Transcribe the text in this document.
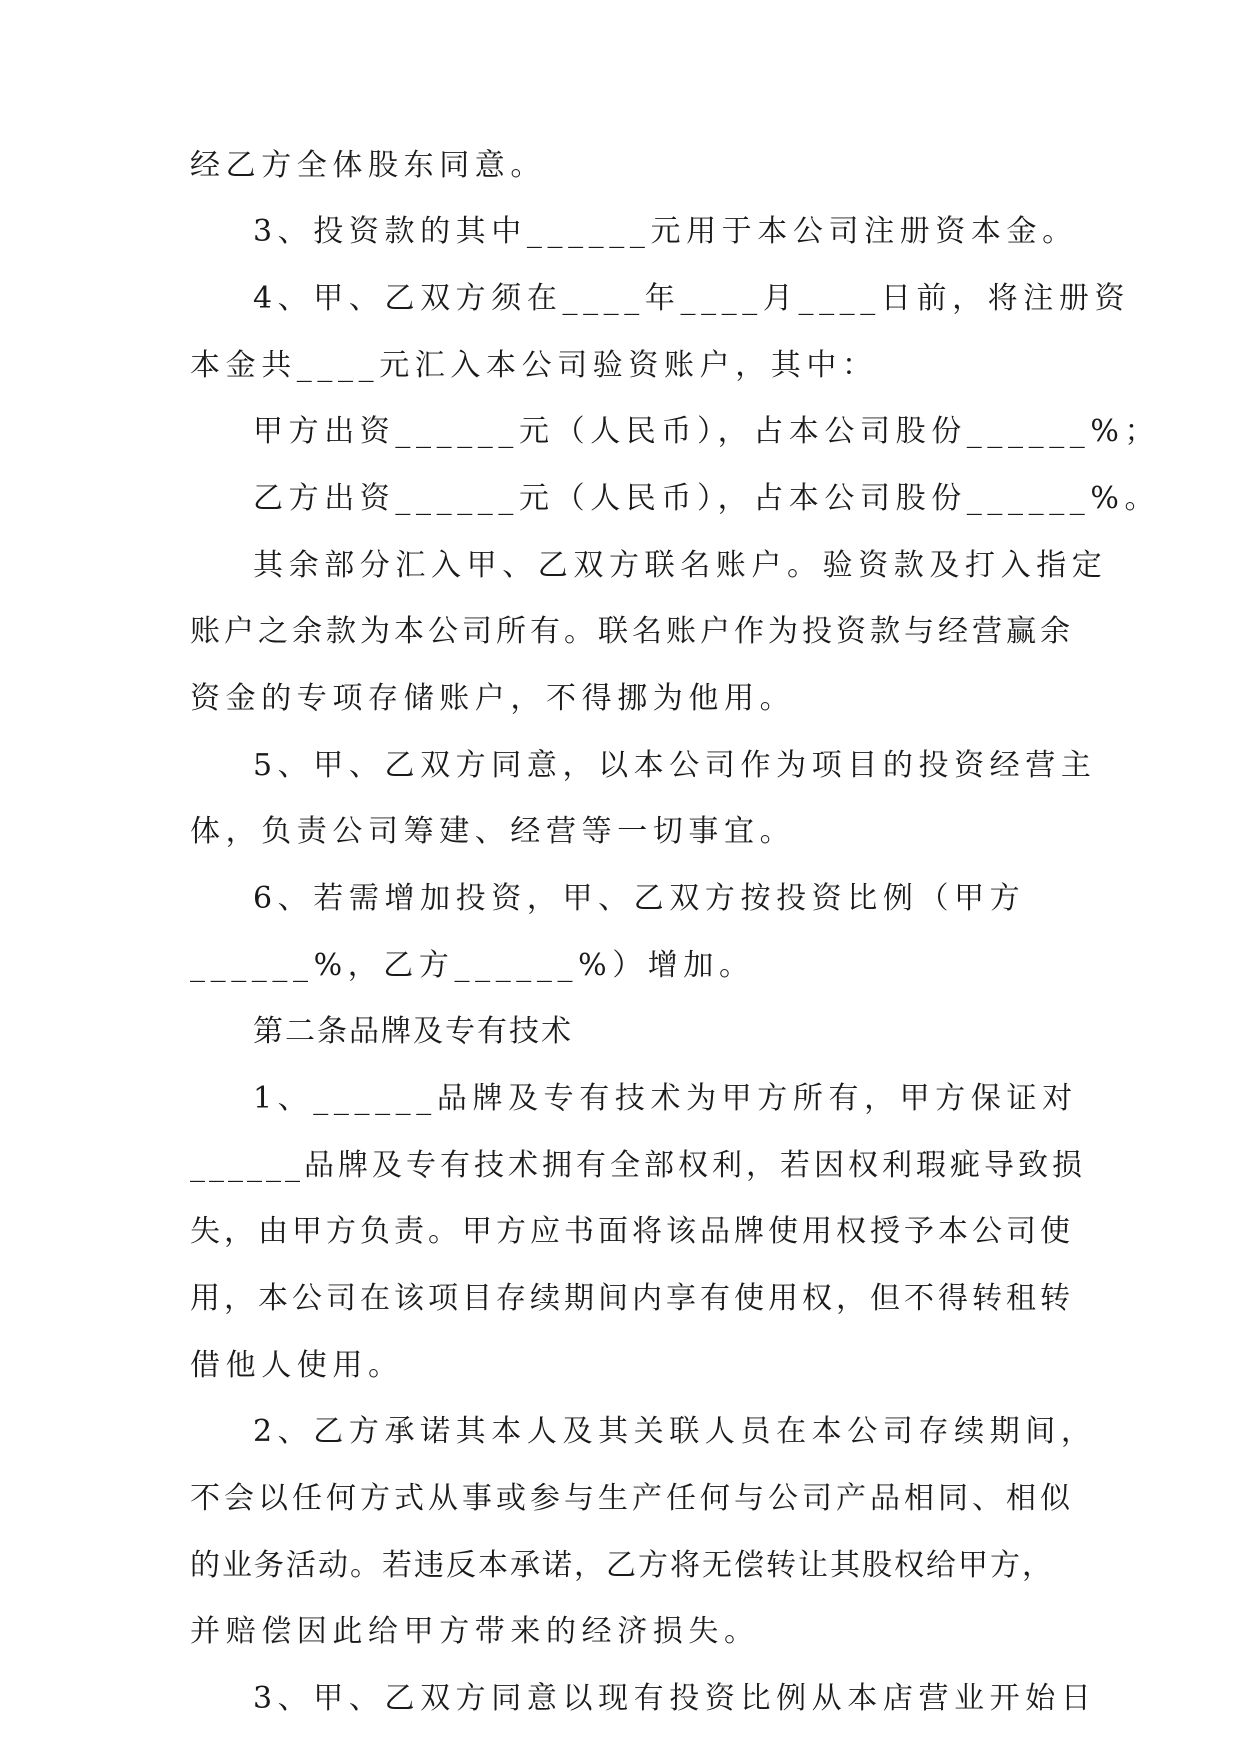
经乙方全体股东同意。
3、投资款的其中______元用于本公司注册资本金。
4、甲、乙双方须在____年____月____日前，将注册资
本金共____元汇入本公司验资账户，其中：
甲方出资______元（人民币），占本公司股份______%；
乙方出资______元（人民币），占本公司股份______%。
其余部分汇入甲、乙双方联名账户。验资款及打入指定
账户之余款为本公司所有。联名账户作为投资款与经营赢余
资金的专项存储账户，不得挪为他用。
5、甲、乙双方同意，以本公司作为项目的投资经营主
体，负责公司筹建、经营等一切事宜。
6、若需增加投资，甲、乙双方按投资比例（甲方
______%，乙方______%）增加。
第二条品牌及专有技术
1、______品牌及专有技术为甲方所有，甲方保证对
______品牌及专有技术拥有全部权利，若因权利瑕疵导致损
失，由甲方负责。甲方应书面将该品牌使用权授予本公司使
用，本公司在该项目存续期间内享有使用权，但不得转租转
借他人使用。
2、乙方承诺其本人及其关联人员在本公司存续期间，
不会以任何方式从事或参与生产任何与公司产品相同、相似
的业务活动。若违反本承诺，乙方将无偿转让其股权给甲方，
并赔偿因此给甲方带来的经济损失。
3、甲、乙双方同意以现有投资比例从本店营业开始日
